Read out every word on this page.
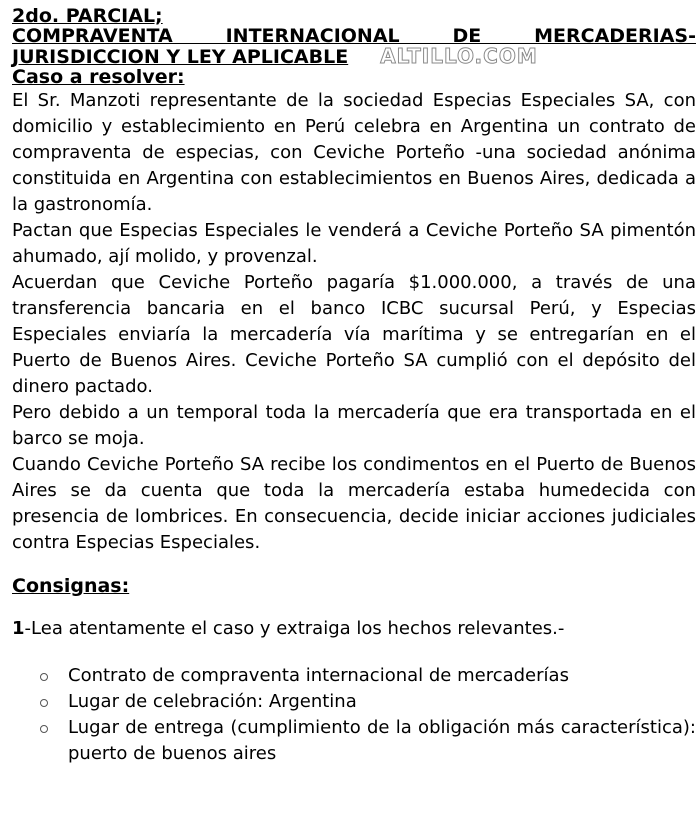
2do. PARCIAL;

COMPRAVENTA INTERNACIONAL DE MERCADERIAS-

JURISDICCION Y LEY APLICABLE ALTILLO.COM

Caso a resolver:

El Sr. Manzoti representante de la sociedad Especias Especiales SA, con domicilio y establecimiento en Perú celebra en Argentina un contrato de compraventa de especias, con Ceviche Porteño -una sociedad anónima constituida en Argentina con establecimientos en Buenos Aires, dedicada a la gastronomía.

Pactan que Especias Especiales le venderá a Ceviche Porteño SA pimentón ahumado, ají molido, y provenzal.

Acuerdan que Ceviche Porteño pagaría $1.000.000, a través de una transferencia bancaria en el banco ICBC sucursal Perú, y Especias Especiales enviaría la mercadería vía marítima y se entregarían en el Puerto de Buenos Aires. Ceviche Porteño SA cumplió con el depósito del dinero pactado.

Pero debido a un temporal toda la mercadería que era transportada en el barco se moja.

Cuando Ceviche Porteño SA recibe los condimentos en el Puerto de Buenos Aires se da cuenta que toda la mercadería estaba humedecida con presencia de lombrices. En consecuencia, decide iniciar acciones judiciales contra Especias Especiales.

Consignas:

1-Lea atentamente el caso y extraiga los hechos relevantes.-

Contrato de compraventa internacional de mercaderías
Lugar de celebración: Argentina
Lugar de entrega (cumplimiento de la obligación más característica): puerto de buenos aires
